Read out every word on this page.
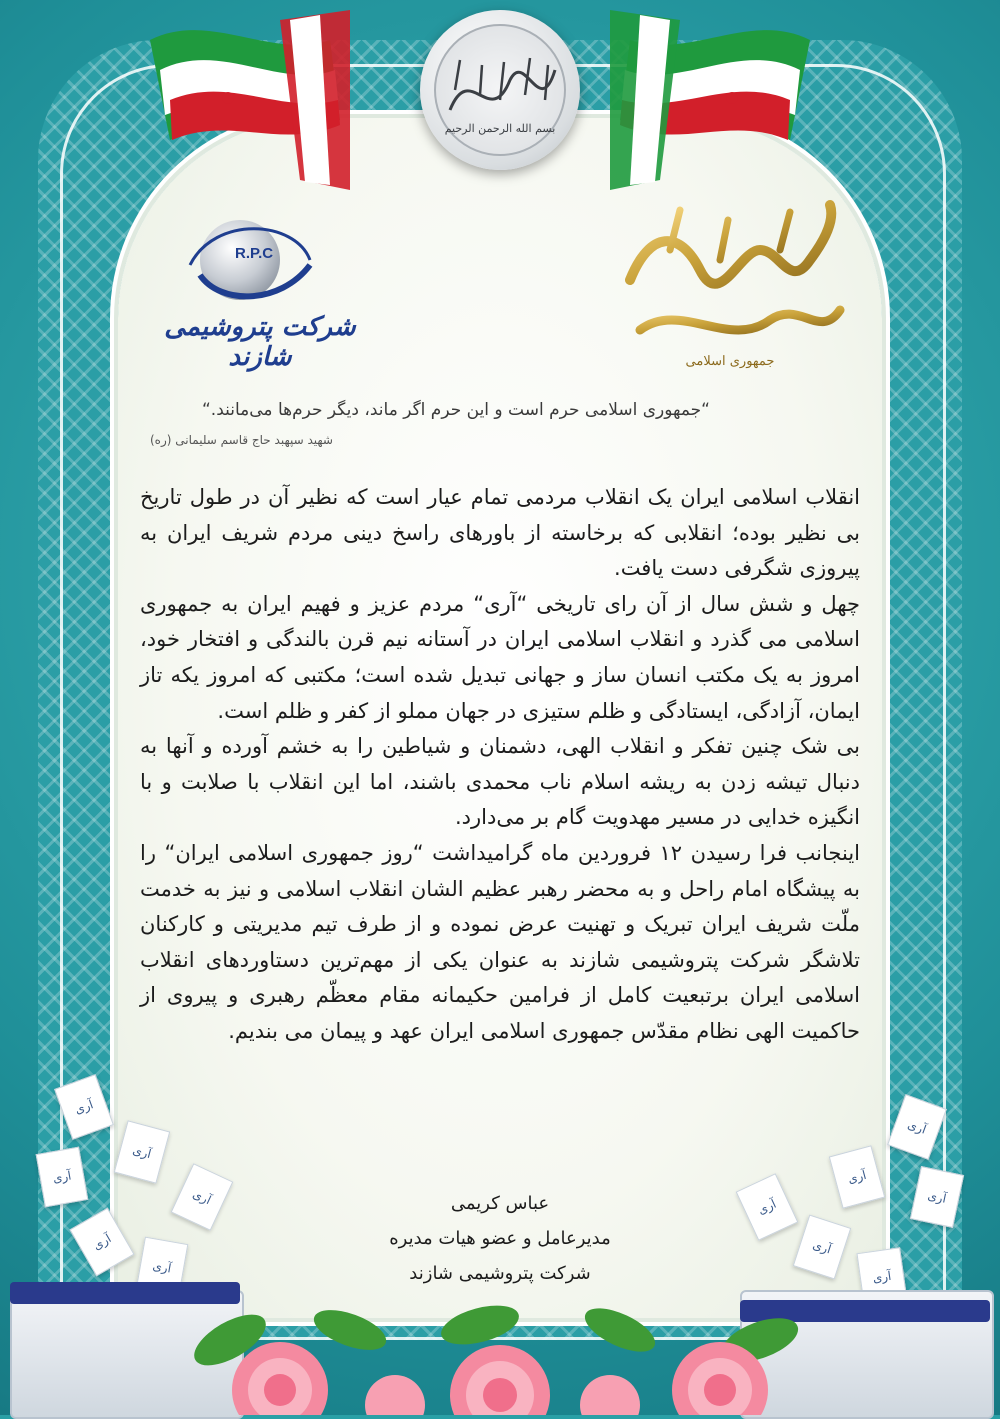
بسم الله الرحمن الرحيم
R.P.C
شرکت پتروشیمی شازند	جمهوری اسلامی
“جمهوری اسلامی حرم است و این حرم اگر ماند، دیگر حرم‌ها می‌مانند.“
شهید سپهبد حاج قاسم سلیمانی (ره)

انقلاب اسلامی ایران یک انقلاب مردمی تمام عیار است که نظیر آن در طول تاریخ بی نظیر بوده؛ انقلابی که برخاسته از باورهای راسخ دینی مردم شریف ایران به پیروزی شگرفی دست یافت.

چهل و شش سال از آن رای تاریخی “آری“ مردم عزیز و فهیم ایران به جمهوری اسلامی می گذرد و انقلاب اسلامی ایران در آستانه نیم قرن بالندگی و افتخار خود، امروز به یک مکتب انسان ساز و جهانی تبدیل شده است؛ مکتبی که امروز یکه تاز ایمان، آزادگی، ایستادگی و ظلم ستیزی در جهان مملو از کفر و ظلم است.

بی شک چنین تفکر و انقلاب الهی، دشمنان و شیاطین را به خشم آورده و آنها به دنبال تیشه زدن به ریشه اسلام ناب محمدی باشند، اما این انقلاب با صلابت و با انگیزه خدایی در مسیر مهدویت گام بر می‌دارد.

اینجانب فرا رسیدن ۱۲ فروردین ماه گرامیداشت “روز جمهوری اسلامی ایران“ را به پیشگاه امام راحل و به محضر رهبر عظیم الشان انقلاب اسلامی و نیز به خدمت ملّت شریف ایران تبریک و تهنیت عرض نموده و از طرف تیم مدیریتی و کارکنان تلاشگر شرکت پتروشیمی شازند به عنوان یکی از مهم‌ترین دستاوردهای انقلاب اسلامی ایران برتبعیت کامل از فرامین حکیمانه مقام معظّم رهبری و پیروی از حاکمیت الهی نظام مقدّس جمهوری اسلامی ایران عهد و پیمان می بندیم.

عباس کریمی
مدیرعامل و عضو هیات مدیره
شرکت پتروشیمی شازند
آری
آری
آری
آری
آری
آری
آری
آری
آری
آری
آری
آری
